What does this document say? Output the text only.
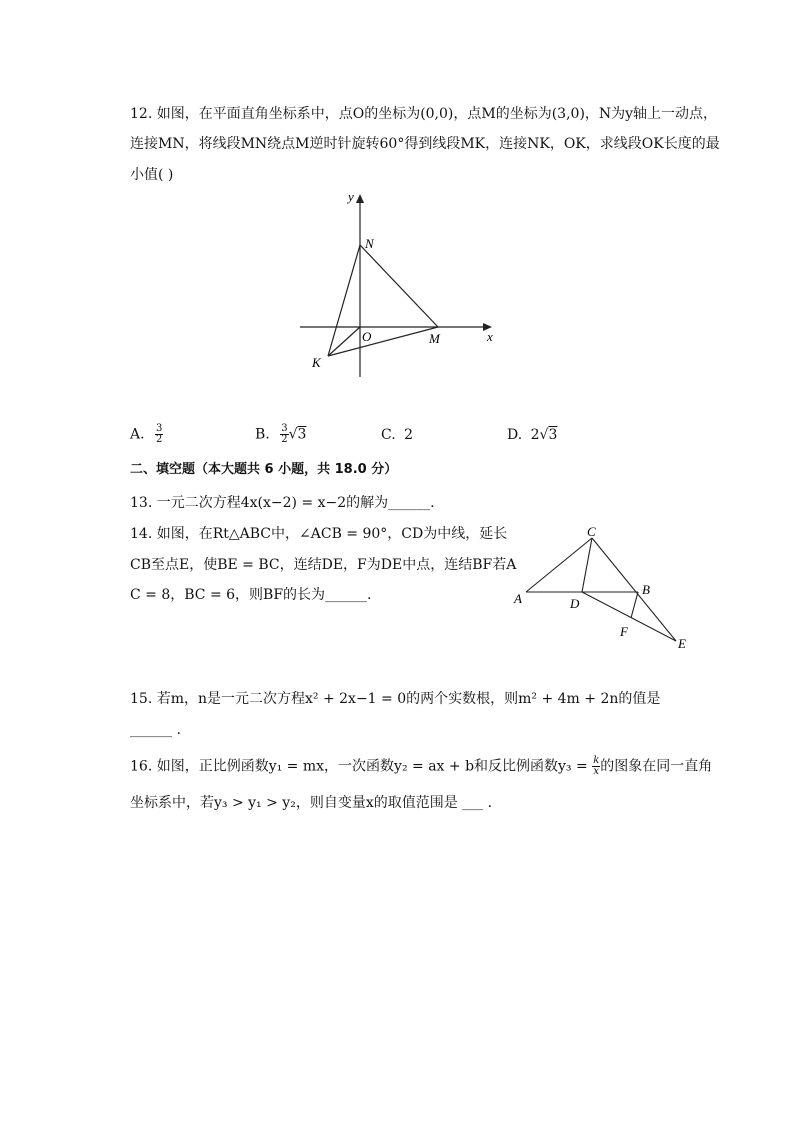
12. 如图，在平面直角坐标系中，点O的坐标为(0,0)，点M的坐标为(3,0)，N为y轴上一动点，
连接MN，将线段MN绕点M逆时针旋转60°得到线段MK，连接NK，OK，求线段OK长度的最
小值( )
y
N
O	M	x
K
A. $\frac{3}{2}$	B. $\frac{3}{2} √3$	C. 2	D. 2√3
二、填空题（本大题共 6 小题，共 18.0 分）
13. 一元二次方程4x(x−2) = x−2的解为______.
14. 如图，在Rt△ABC中，∠ACB = 90°，CD为中线，延长
CB至点E，使BE = BC，连结DE，F为DE中点，连结BF若A
C = 8，BC = 6，则BF的长为______.
C
A	D
B
F
E
15. 若m，n是一元二次方程x² + 2x−1 = 0的两个实数根，则m² + 4m + 2n的值是
______ .
16. 如图，正比例函数y₁ = mx，一次函数y₂ = ax + b和反比例函数$y_3 = \frac{k}{x}$ 的图象在同一直角
坐标系中，若y₃ > y₁ > y₂，则自变量x的取值范围是 ___ .
